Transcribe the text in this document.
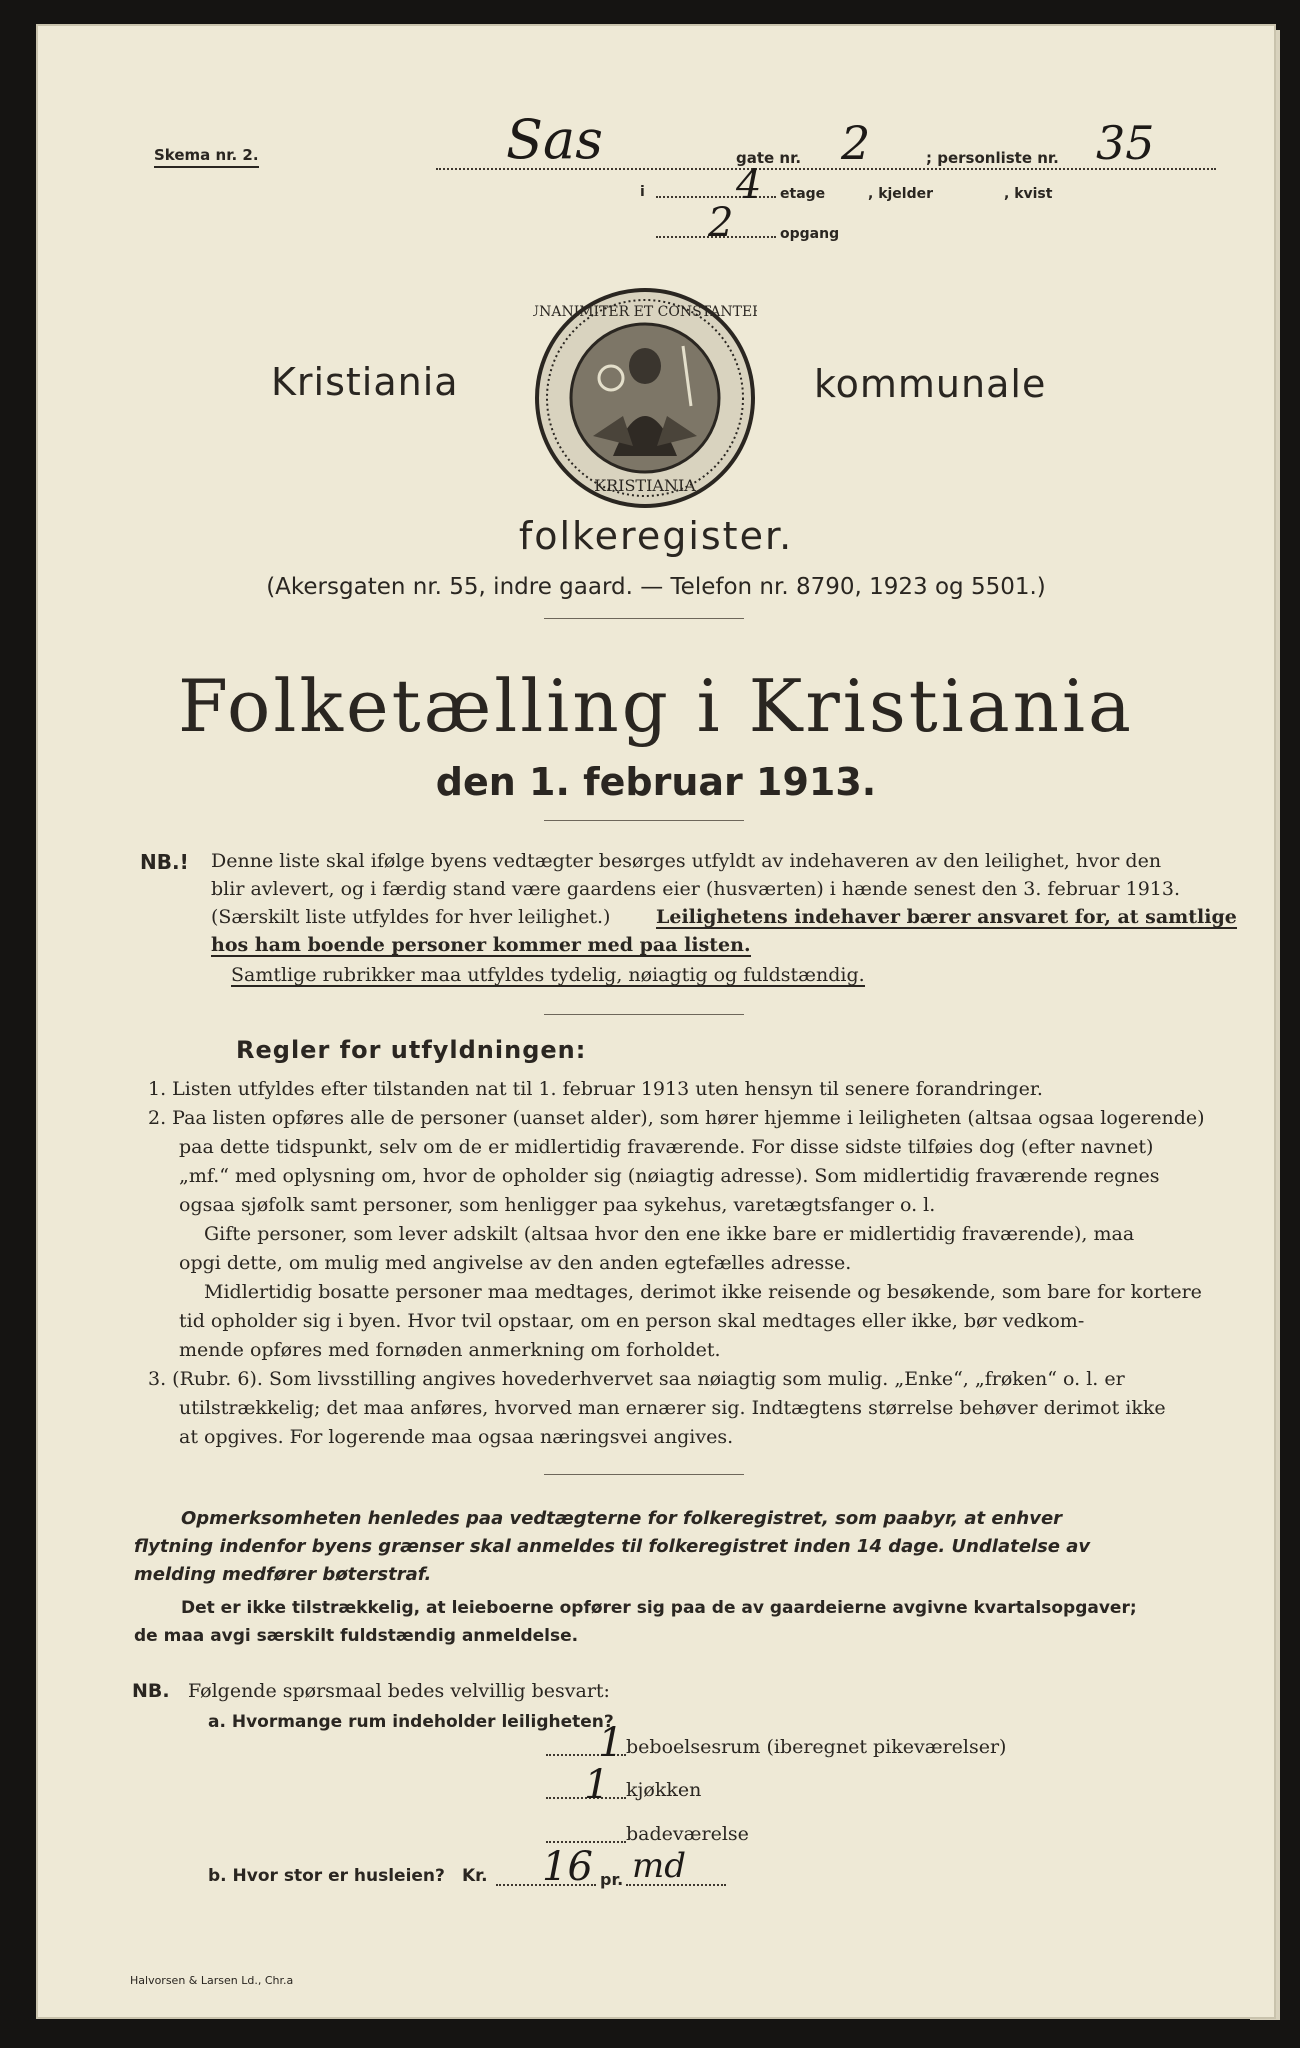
Skema nr. 2.	Sas	gate nr. 2	; personliste nr. 35
i 4 etage	, kjelder	, kvist
2	opgang
Kristiania
UNANIMITER ET CONSTANTER
KRISTIANIA
kommunale
folkeregister.
(Akersgaten nr. 55, indre gaard. — Telefon nr. 8790, 1923 og 5501.)
Folketælling i Kristiania
den 1. februar 1913.
NB.! Denne liste skal ifølge byens vedtægter besørges utfyldt av indehaveren av den leilighet, hvor den

blir avlevert, og i færdig stand være gaardens eier (husværten) i hænde senest den 3. februar 1913.

(Særskilt liste utfyldes for hver leilighet.) Leilighetens indehaver bærer ansvaret for, at samtlige

hos ham boende personer kommer med paa listen.

Samtlige rubrikker maa utfyldes tydelig, nøiagtig og fuldstændig.

Regler for utfyldningen:

1. Listen utfyldes efter tilstanden nat til 1. februar 1913 uten hensyn til senere forandringer.

2. Paa listen opføres alle de personer (uanset alder), som hører hjemme i leiligheten (altsaa ogsaa logerende)

paa dette tidspunkt, selv om de er midlertidig fraværende. For disse sidste tilføies dog (efter navnet)

„mf.“ med oplysning om, hvor de opholder sig (nøiagtig adresse). Som midlertidig fraværende regnes

ogsaa sjøfolk samt personer, som henligger paa sykehus, varetægtsfanger o. l.

Gifte personer, som lever adskilt (altsaa hvor den ene ikke bare er midlertidig fraværende), maa

opgi dette, om mulig med angivelse av den anden egtefælles adresse.

Midlertidig bosatte personer maa medtages, derimot ikke reisende og besøkende, som bare for kortere

tid opholder sig i byen. Hvor tvil opstaar, om en person skal medtages eller ikke, bør vedkom-

mende opføres med fornøden anmerkning om forholdet.

3. (Rubr. 6). Som livsstilling angives hovederhvervet saa nøiagtig som mulig. „Enke“, „frøken“ o. l. er

utilstrækkelig; det maa anføres, hvorved man ernærer sig. Indtægtens størrelse behøver derimot ikke

at opgives. For logerende maa ogsaa næringsvei angives.

Opmerksomheten henledes paa vedtægterne for folkeregistret, som paabyr, at enhver

flytning indenfor byens grænser skal anmeldes til folkeregistret inden 14 dage. Undlatelse av

melding medfører bøterstraf.

Det er ikke tilstrækkelig, at leieboerne opfører sig paa de av gaardeierne avgivne kvartalsopgaver;

de maa avgi særskilt fuldstændig anmeldelse.

NB. Følgende spørsmaal bedes velvillig besvart:
a. Hvormange rum indeholder leiligheten?
1 beboelsesrum (iberegnet pikeværelser)
1 kjøkken
badeværelse
b. Hvor stor er husleien? Kr. 16 pr. md
Halvorsen & Larsen Ld., Chr.a
